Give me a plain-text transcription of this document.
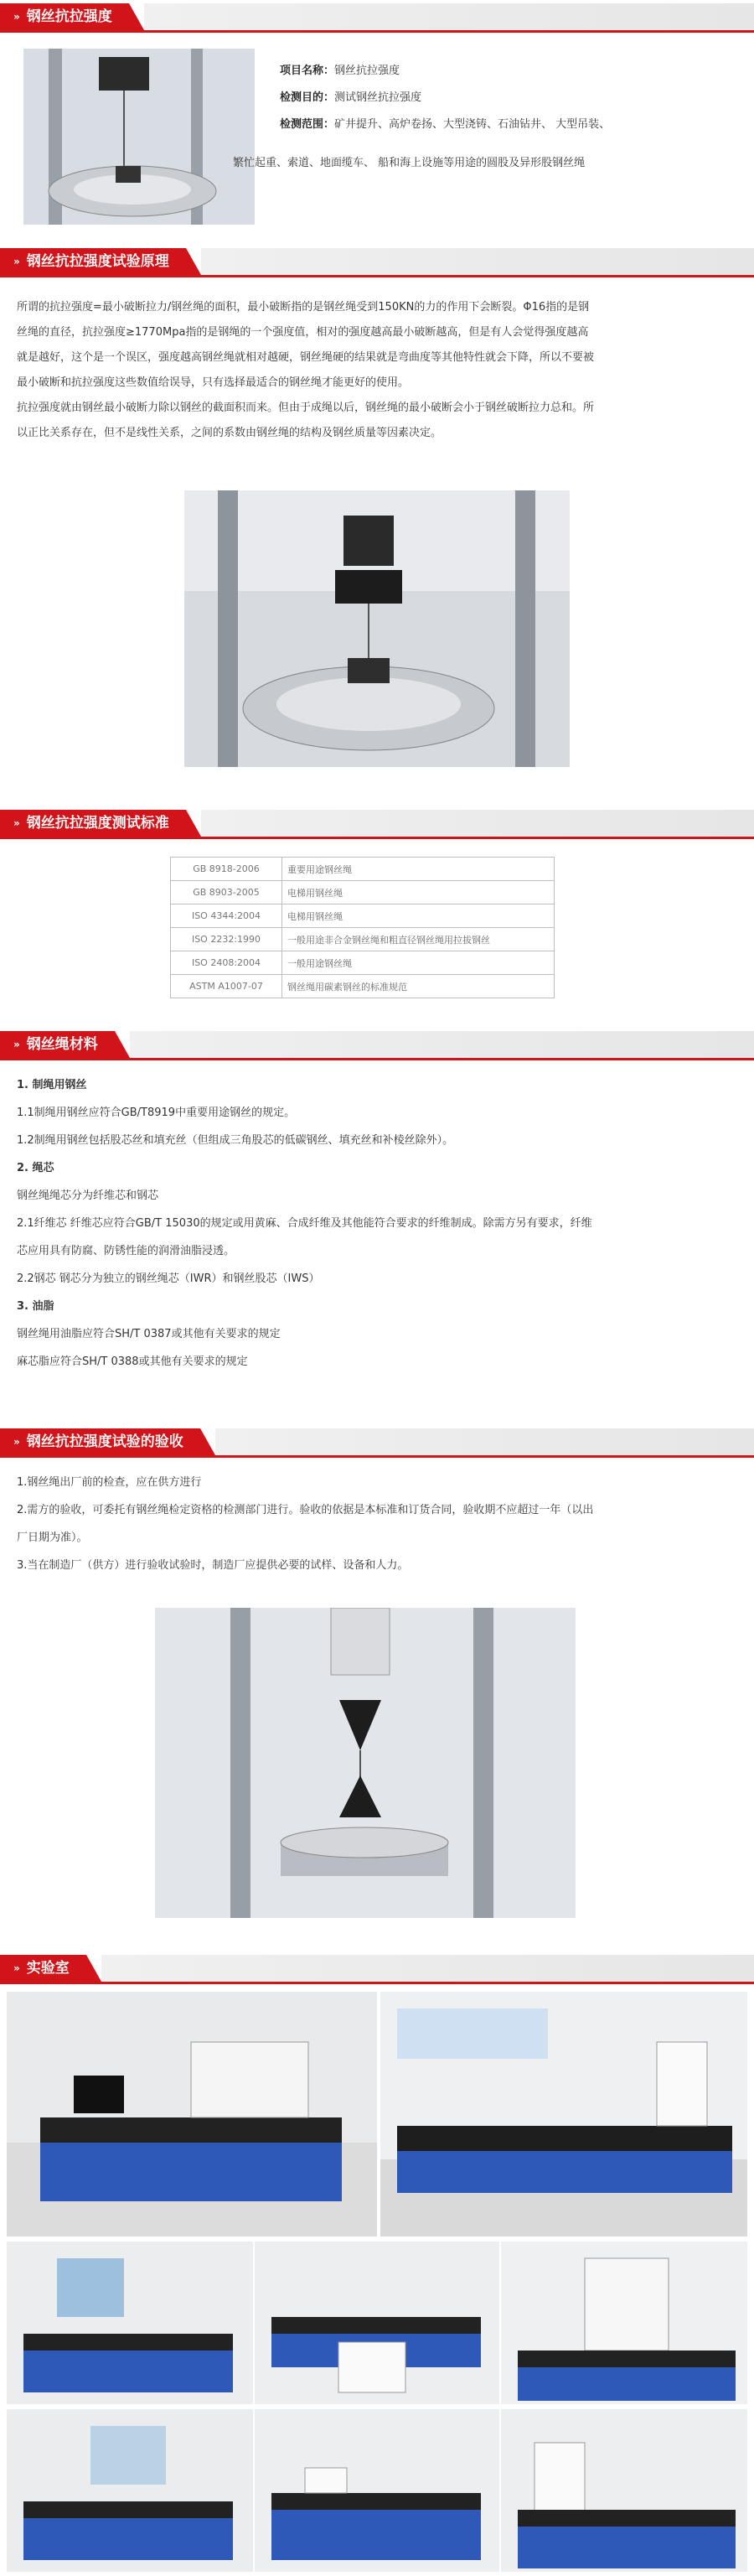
» 钢丝抗拉强度
项目名称：钢丝抗拉强度
检测目的：测试钢丝抗拉强度
检测范围：矿井提升、高炉卷扬、大型浇铸、石油钻井、 大型吊装、
繁忙起重、索道、地面缆车、 船和海上设施等用途的圆股及异形股钢丝绳
» 钢丝抗拉强度试验原理

所谓的抗拉强度=最小破断拉力/钢丝绳的面积，最小破断指的是钢丝绳受到150KN的力的作用下会断裂。Φ16指的是钢

丝绳的直径，抗拉强度≥1770Mpa指的是钢绳的一个强度值，相对的强度越高最小破断越高，但是有人会觉得强度越高

就是越好，这个是一个误区，强度越高钢丝绳就相对越硬，钢丝绳硬的结果就是弯曲度等其他特性就会下降，所以不要被

最小破断和抗拉强度这些数值给误导，只有选择最适合的钢丝绳才能更好的使用。

抗拉强度就由钢丝最小破断力除以钢丝的截面积而来。但由于成绳以后，钢丝绳的最小破断会小于钢丝破断拉力总和。所

以正比关系存在，但不是线性关系，之间的系数由钢丝绳的结构及钢丝质量等因素决定。

» 钢丝抗拉强度测试标准
GB 8918-2006	重要用途钢丝绳
GB 8903-2005	电梯用钢丝绳
ISO 4344:2004	电梯用钢丝绳
ISO 2232:1990	一般用途非合金钢丝绳和粗直径钢丝绳用拉拔钢丝
ISO 2408:2004	一般用途钢丝绳
ASTM A1007-07	钢丝绳用碳素钢丝的标准规范
» 钢丝绳材料

1. 制绳用钢丝

1.1制绳用钢丝应符合GB/T8919中重要用途钢丝的规定。

1.2制绳用钢丝包括股芯丝和填充丝（但组成三角股芯的低碳钢丝、填充丝和补棱丝除外）。

2. 绳芯

钢丝绳绳芯分为纤维芯和钢芯

2.1纤维芯 纤维芯应符合GB/T 15030的规定或用黄麻、合成纤维及其他能符合要求的纤维制成。除需方另有要求，纤维

芯应用具有防腐、防锈性能的润滑油脂浸透。

2.2钢芯 钢芯分为独立的钢丝绳芯（IWR）和钢丝股芯（IWS）

3. 油脂

钢丝绳用油脂应符合SH/T 0387或其他有关要求的规定

麻芯脂应符合SH/T 0388或其他有关要求的规定

» 钢丝抗拉强度试验的验收

1.钢丝绳出厂前的检查，应在供方进行

2.需方的验收，可委托有钢丝绳检定资格的检测部门进行。验收的依据是本标准和订货合同，验收期不应超过一年（以出

厂日期为准）。

3.当在制造厂（供方）进行验收试验时，制造厂应提供必要的试样、设备和人力。

» 实验室
